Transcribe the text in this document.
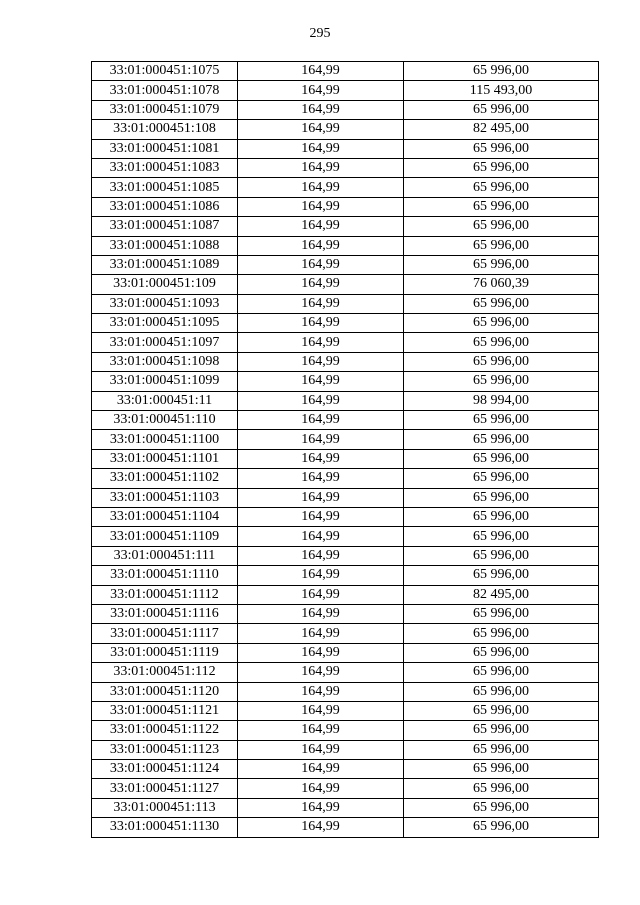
295
33:01:000451:1075	164,99	65 996,00
33:01:000451:1078	164,99	115 493,00
33:01:000451:1079	164,99	65 996,00
33:01:000451:108	164,99	82 495,00
33:01:000451:1081	164,99	65 996,00
33:01:000451:1083	164,99	65 996,00
33:01:000451:1085	164,99	65 996,00
33:01:000451:1086	164,99	65 996,00
33:01:000451:1087	164,99	65 996,00
33:01:000451:1088	164,99	65 996,00
33:01:000451:1089	164,99	65 996,00
33:01:000451:109	164,99	76 060,39
33:01:000451:1093	164,99	65 996,00
33:01:000451:1095	164,99	65 996,00
33:01:000451:1097	164,99	65 996,00
33:01:000451:1098	164,99	65 996,00
33:01:000451:1099	164,99	65 996,00
33:01:000451:11	164,99	98 994,00
33:01:000451:110	164,99	65 996,00
33:01:000451:1100	164,99	65 996,00
33:01:000451:1101	164,99	65 996,00
33:01:000451:1102	164,99	65 996,00
33:01:000451:1103	164,99	65 996,00
33:01:000451:1104	164,99	65 996,00
33:01:000451:1109	164,99	65 996,00
33:01:000451:111	164,99	65 996,00
33:01:000451:1110	164,99	65 996,00
33:01:000451:1112	164,99	82 495,00
33:01:000451:1116	164,99	65 996,00
33:01:000451:1117	164,99	65 996,00
33:01:000451:1119	164,99	65 996,00
33:01:000451:112	164,99	65 996,00
33:01:000451:1120	164,99	65 996,00
33:01:000451:1121	164,99	65 996,00
33:01:000451:1122	164,99	65 996,00
33:01:000451:1123	164,99	65 996,00
33:01:000451:1124	164,99	65 996,00
33:01:000451:1127	164,99	65 996,00
33:01:000451:113	164,99	65 996,00
33:01:000451:1130	164,99	65 996,00
